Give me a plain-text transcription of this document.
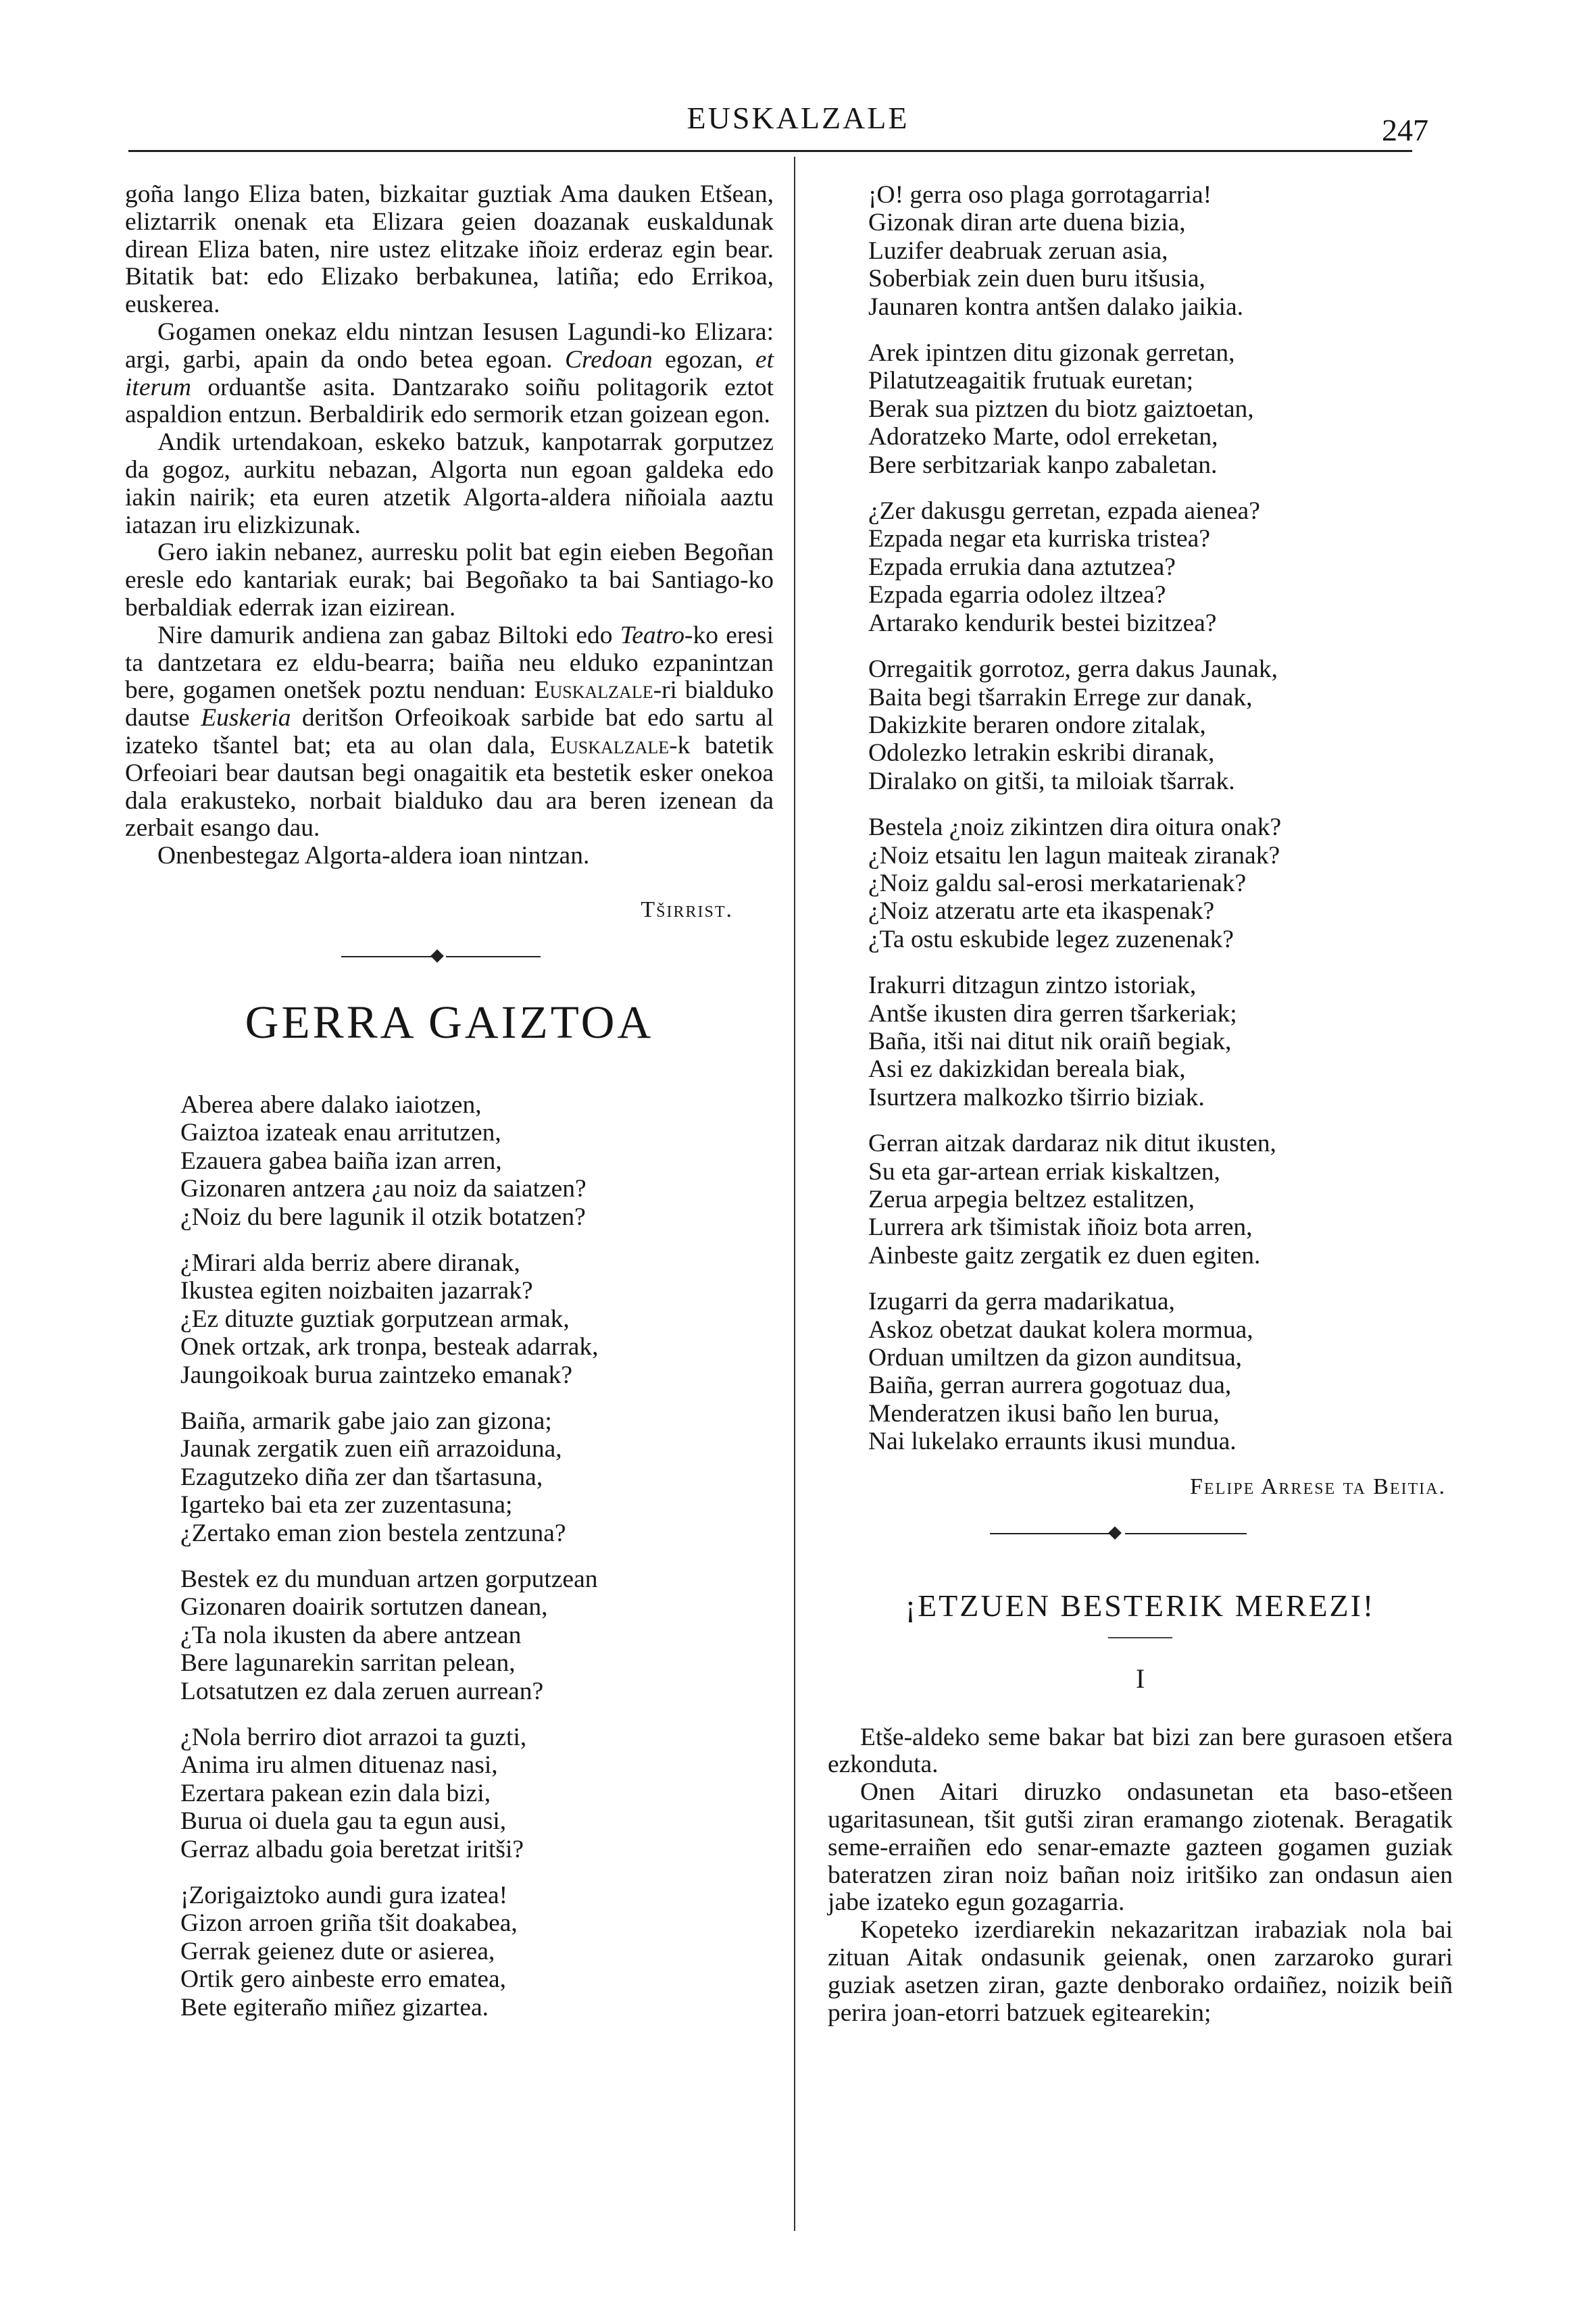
EUSKALZALE	247

goña lango Eliza baten, bizkaitar guztiak Ama dauken Etšean, eliztarrik onenak eta Elizara geien doazanak euskaldunak direan Eliza baten, nire ustez elitzake iñoiz erderaz egin bear. Bitatik bat: edo Elizako berbakunea, latiña; edo Errikoa, euskerea.

Gogamen onekaz eldu nintzan Iesusen Lagundi-ko Elizara: argi, garbi, apain da ondo betea egoan. Credoan egozan, et iterum orduantše asita. Dantzarako soiñu politagorik eztot aspaldion entzun. Berbaldirik edo sermorik etzan goizean egon.

Andik urtendakoan, eskeko batzuk, kanpotarrak gorputzez da gogoz, aurkitu nebazan, Algorta nun egoan galdeka edo iakin nairik; eta euren atzetik Algorta-aldera niñoiala aaztu iatazan iru elizkizunak.

Gero iakin nebanez, aurresku polit bat egin eieben Begoñan eresle edo kantariak eurak; bai Begoñako ta bai Santiago-ko berbaldiak ederrak izan eizirean.

Nire damurik andiena zan gabaz Biltoki edo Teatro-ko eresi ta dantzetara ez eldu-bearra; baiña neu elduko ezpanintzan bere, gogamen onetšek poztu nenduan: Euskalzale-ri bialduko dautse Euskeria deritšon Orfeoikoak sarbide bat edo sartu al izateko tšantel bat; eta au olan dala, Euskalzale-k batetik Orfeoiari bear dautsan begi onagaitik eta bestetik esker onekoa dala erakusteko, norbait bialduko dau ara beren izenean da zerbait esango dau.

Onenbestegaz Algorta-aldera ioan nintzan.

Tširrist.
GERRA GAIZTOA
Aberea abere dalako iaiotzen,
Gaiztoa izateak enau arritutzen,
Ezauera gabea baiña izan arren,
Gizonaren antzera ¿au noiz da saiatzen?
¿Noiz du bere lagunik il otzik botatzen?
¿Mirari alda berriz abere diranak,
Ikustea egiten noizbaiten jazarrak?
¿Ez dituzte guztiak gorputzean armak,
Onek ortzak, ark tronpa, besteak adarrak,
Jaungoikoak burua zaintzeko emanak?
Baiña, armarik gabe jaio zan gizona;
Jaunak zergatik zuen eiñ arrazoiduna,
Ezagutzeko diña zer dan tšartasuna,
Igarteko bai eta zer zuzentasuna;
¿Zertako eman zion bestela zentzuna?
Bestek ez du munduan artzen gorputzean
Gizonaren doairik sortutzen danean,
¿Ta nola ikusten da abere antzean
Bere lagunarekin sarritan pelean,
Lotsatutzen ez dala zeruen aurrean?
¿Nola berriro diot arrazoi ta guzti,
Anima iru almen dituenaz nasi,
Ezertara pakean ezin dala bizi,
Burua oi duela gau ta egun ausi,
Gerraz albadu goia beretzat iritši?
¡Zorigaiztoko aundi gura izatea!
Gizon arroen griña tšit doakabea,
Gerrak geienez dute or asierea,
Ortik gero ainbeste erro ematea,
Bete egiteraño miñez gizartea.
¡O! gerra oso plaga gorrotagarria!
Gizonak diran arte duena bizia,
Luzifer deabruak zeruan asia,
Soberbiak zein duen buru itšusia,
Jaunaren kontra antšen dalako jaikia.
Arek ipintzen ditu gizonak gerretan,
Pilatutzeagaitik frutuak euretan;
Berak sua piztzen du biotz gaiztoetan,
Adoratzeko Marte, odol erreketan,
Bere serbitzariak kanpo zabaletan.
¿Zer dakusgu gerretan, ezpada aienea?
Ezpada negar eta kurriska tristea?
Ezpada errukia dana aztutzea?
Ezpada egarria odolez iltzea?
Artarako kendurik bestei bizitzea?
Orregaitik gorrotoz, gerra dakus Jaunak,
Baita begi tšarrakin Errege zur danak,
Dakizkite beraren ondore zitalak,
Odolezko letrakin eskribi diranak,
Diralako on gitši, ta miloiak tšarrak.
Bestela ¿noiz zikintzen dira oitura onak?
¿Noiz etsaitu len lagun maiteak ziranak?
¿Noiz galdu sal-erosi merkatarienak?
¿Noiz atzeratu arte eta ikaspenak?
¿Ta ostu eskubide legez zuzenenak?
Irakurri ditzagun zintzo istoriak,
Antše ikusten dira gerren tšarkeriak;
Baña, itši nai ditut nik oraiñ begiak,
Asi ez dakizkidan bereala biak,
Isurtzera malkozko tširrio biziak.
Gerran aitzak dardaraz nik ditut ikusten,
Su eta gar-artean erriak kiskaltzen,
Zerua arpegia beltzez estalitzen,
Lurrera ark tšimistak iñoiz bota arren,
Ainbeste gaitz zergatik ez duen egiten.
Izugarri da gerra madarikatua,
Askoz obetzat daukat kolera mormua,
Orduan umiltzen da gizon aunditsua,
Baiña, gerran aurrera gogotuaz dua,
Menderatzen ikusi baño len burua,
Nai lukelako erraunts ikusi mundua.
Felipe Arrese ta Beitia.
¡ETZUEN BESTERIK MEREZI!
I

Etše-aldeko seme bakar bat bizi zan bere gurasoen etšera ezkonduta.

Onen Aitari diruzko ondasunetan eta baso-etšeen ugaritasunean, tšit gutši ziran eramango ziotenak. Beragatik seme-erraiñen edo senar-emazte gazteen gogamen guziak bateratzen ziran noiz bañan noiz iritšiko zan ondasun aien jabe izateko egun gozagarria.

Kopeteko izerdiarekin nekazaritzan irabaziak nola bai zituan Aitak ondasunik geienak, onen zarzaroko gurari guziak asetzen ziran, gazte denborako ordaiñez, noizik beiñ perira joan-etorri batzuek egitearekin;
